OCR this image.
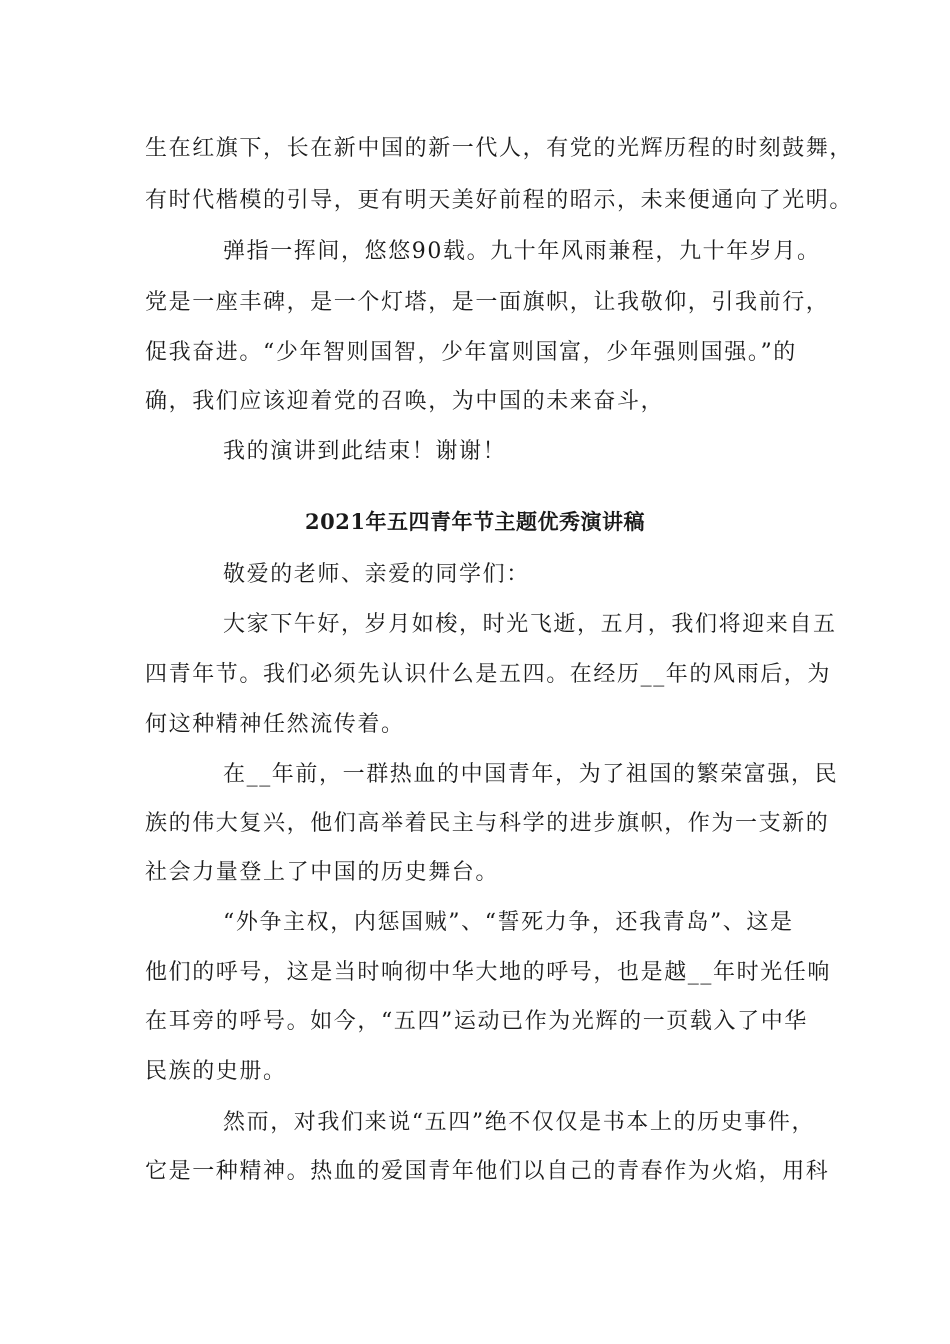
生在红旗下，长在新中国的新一代人，有党的光辉历程的时刻鼓舞，
有时代楷模的引导，更有明天美好前程的昭示，未来便通向了光明。
弹指一挥间，悠悠90载。九十年风雨兼程，九十年岁月。
党是一座丰碑，是一个灯塔，是一面旗帜，让我敬仰，引我前行，
促我奋进。“少年智则国智，少年富则国富，少年强则国强。”的
确，我们应该迎着党的召唤，为中国的未来奋斗，
我的演讲到此结束！谢谢！
2021年五四青年节主题优秀演讲稿
敬爱的老师、亲爱的同学们：
大家下午好，岁月如梭，时光飞逝，五月，我们将迎来自五
四青年节。我们必须先认识什么是五四。在经历__年的风雨后，为
何这种精神任然流传着。
在__年前，一群热血的中国青年，为了祖国的繁荣富强，民
族的伟大复兴，他们高举着民主与科学的进步旗帜，作为一支新的
社会力量登上了中国的历史舞台。
“外争主权，内惩国贼”、“誓死力争，还我青岛”、这是
他们的呼号，这是当时响彻中华大地的呼号，也是越__年时光任响
在耳旁的呼号。如今，“五四”运动已作为光辉的一页载入了中华
民族的史册。
然而，对我们来说“五四”绝不仅仅是书本上的历史事件，
它是一种精神。热血的爱国青年他们以自己的青春作为火焰，用科
